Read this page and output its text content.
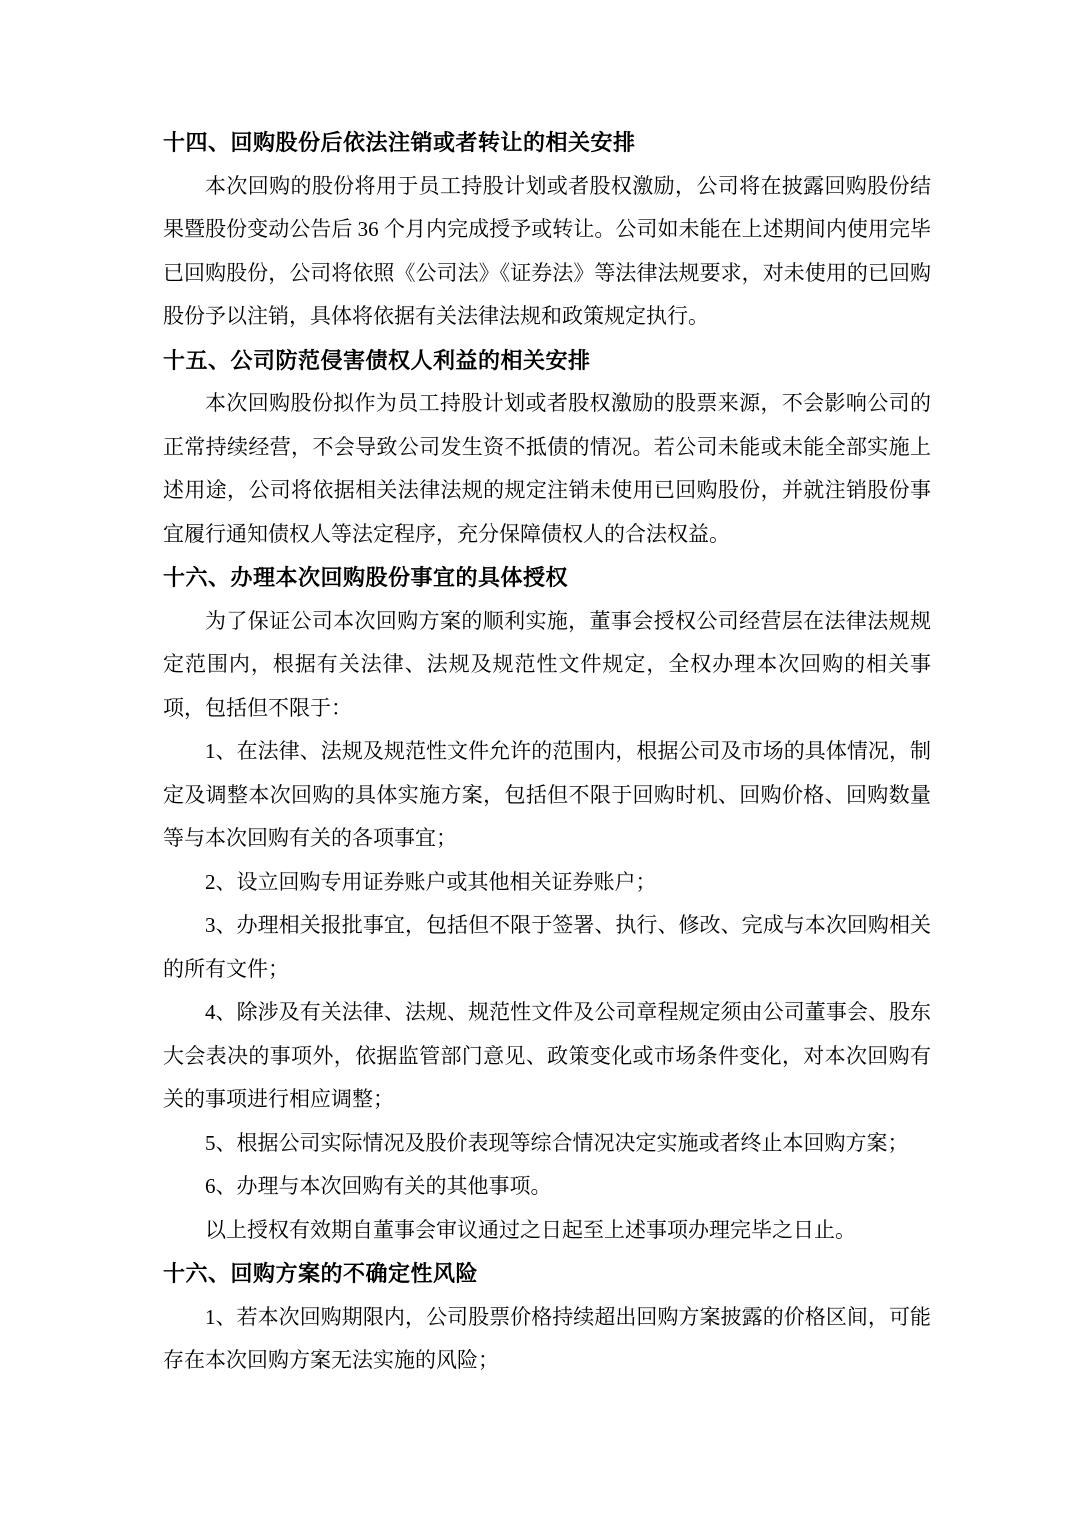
十四、回购股份后依法注销或者转让的相关安排

本次回购的股份将用于员工持股计划或者股权激励，公司将在披露回购股份结果暨股份变动公告后 36 个月内完成授予或转让。公司如未能在上述期间内使用完毕已回购股份，公司将依照《公司法》《证券法》等法律法规要求，对未使用的已回购股份予以注销，具体将依据有关法律法规和政策规定执行。

十五、公司防范侵害债权人利益的相关安排

本次回购股份拟作为员工持股计划或者股权激励的股票来源，不会影响公司的正常持续经营，不会导致公司发生资不抵债的情况。若公司未能或未能全部实施上述用途，公司将依据相关法律法规的规定注销未使用已回购股份，并就注销股份事宜履行通知债权人等法定程序，充分保障债权人的合法权益。

十六、办理本次回购股份事宜的具体授权

为了保证公司本次回购方案的顺利实施，董事会授权公司经营层在法律法规规定范围内，根据有关法律、法规及规范性文件规定，全权办理本次回购的相关事项，包括但不限于：

1、在法律、法规及规范性文件允许的范围内，根据公司及市场的具体情况，制定及调整本次回购的具体实施方案，包括但不限于回购时机、回购价格、回购数量等与本次回购有关的各项事宜；

2、设立回购专用证券账户或其他相关证券账户；

3、办理相关报批事宜，包括但不限于签署、执行、修改、完成与本次回购相关的所有文件；

4、除涉及有关法律、法规、规范性文件及公司章程规定须由公司董事会、股东大会表决的事项外，依据监管部门意见、政策变化或市场条件变化，对本次回购有关的事项进行相应调整；

5、根据公司实际情况及股价表现等综合情况决定实施或者终止本回购方案；

6、办理与本次回购有关的其他事项。

以上授权有效期自董事会审议通过之日起至上述事项办理完毕之日止。

十六、回购方案的不确定性风险

1、若本次回购期限内，公司股票价格持续超出回购方案披露的价格区间，可能存在本次回购方案无法实施的风险；
